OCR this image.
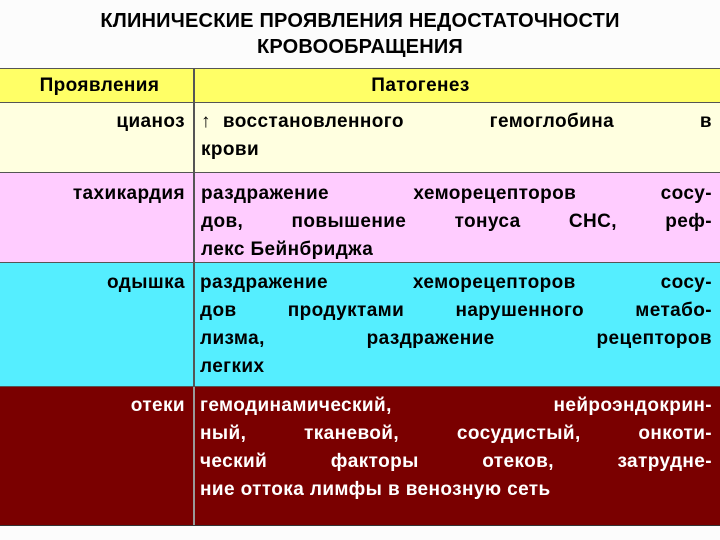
КЛИНИЧЕСКИЕ ПРОЯВЛЕНИЯ НЕДОСТАТОЧНОСТИ
КРОВООБРАЩЕНИЯ
Проявления	Патогенез
цианоз ↑ восстановленного гемоглобина в
крови
тахикардия раздражение хеморецепторов сосу-
дов, повышение тонуса СНС, реф-
лекс Бейнбриджа
одышка раздражение хеморецепторов сосу-
дов продуктами нарушенного метабо-
лизма, раздражение рецепторов
легких
отеки гемодинамический, нейроэндокрин-
ный, тканевой, сосудистый, онкоти-
ческий факторы отеков, затрудне-
ние оттока лимфы в венозную сеть
